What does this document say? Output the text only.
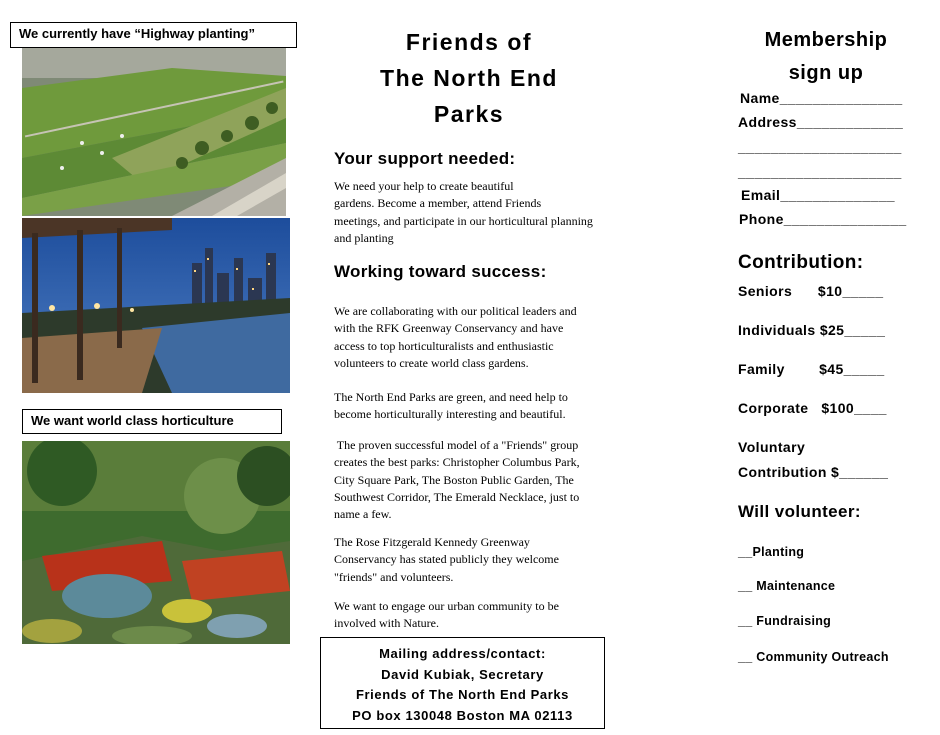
We currently have “Highway planting”
We want world class horticulture
Friends of
The North End
Parks
Your support needed:
We need your help to create beautiful
gardens. Become a member, attend Friends
meetings, and participate in our horticultural planning
and planting
Working toward success:
We are collaborating with our political leaders and
with the RFK Greenway Conservancy and have
access to top horticulturalists and enthusiastic
volunteers to create world class gardens.
The North End Parks are green, and need help to
become horticulturally interesting and beautiful.
The proven successful model of a "Friends" group
creates the best parks: Christopher Columbus Park,
City Square Park, The Boston Public Garden, The
Southwest Corridor, The Emerald Necklace, just to
name a few.
The Rose Fitzgerald Kennedy Greenway
Conservancy has stated publicly they welcome
"friends" and volunteers.
We want to engage our urban community to be
involved with Nature.
Mailing address/contact:
David Kubiak, Secretary
Friends of The North End Parks
PO box 130048 Boston MA 02113
Membership
sign up
Name_______________
Address_____________
____________________
____________________
Email______________
Phone_______________
Contribution:
Seniors      $10_____
Individuals $25_____
Family        $45_____
Corporate   $100____
Voluntary
Contribution $______
Will volunteer:
__Planting
__ Maintenance
__ Fundraising
__ Community Outreach
